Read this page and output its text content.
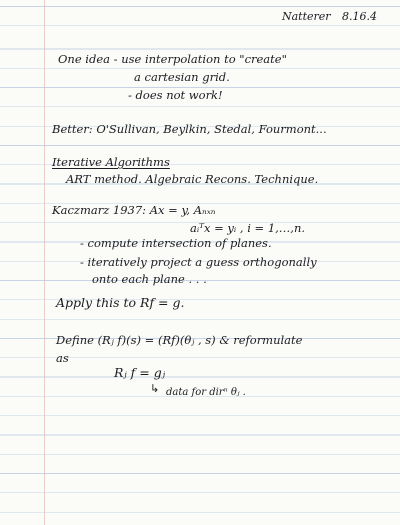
Natterer 8.16.4
One idea - use interpolation to "create"
a cartesian grid.
- does not work!
Better: O'Sullivan, Beylkin, Stedal, Fourmont...
Iterative Algorithms
ART method. Algebraic Recons. Technique.
Kaczmarz 1937: Ax = y, Aₙₓₙ
aᵢᵀx = yᵢ , i = 1,…,n.
- compute intersection of planes.
- iteratively project a guess orthogonally
onto each plane . . .
Apply this to Rf = g.
Define (Rⱼ f)(s) = (Rf)(θⱼ , s) & reformulate
as
Rⱼ f = gⱼ
↳ data for dirⁿ θⱼ .
